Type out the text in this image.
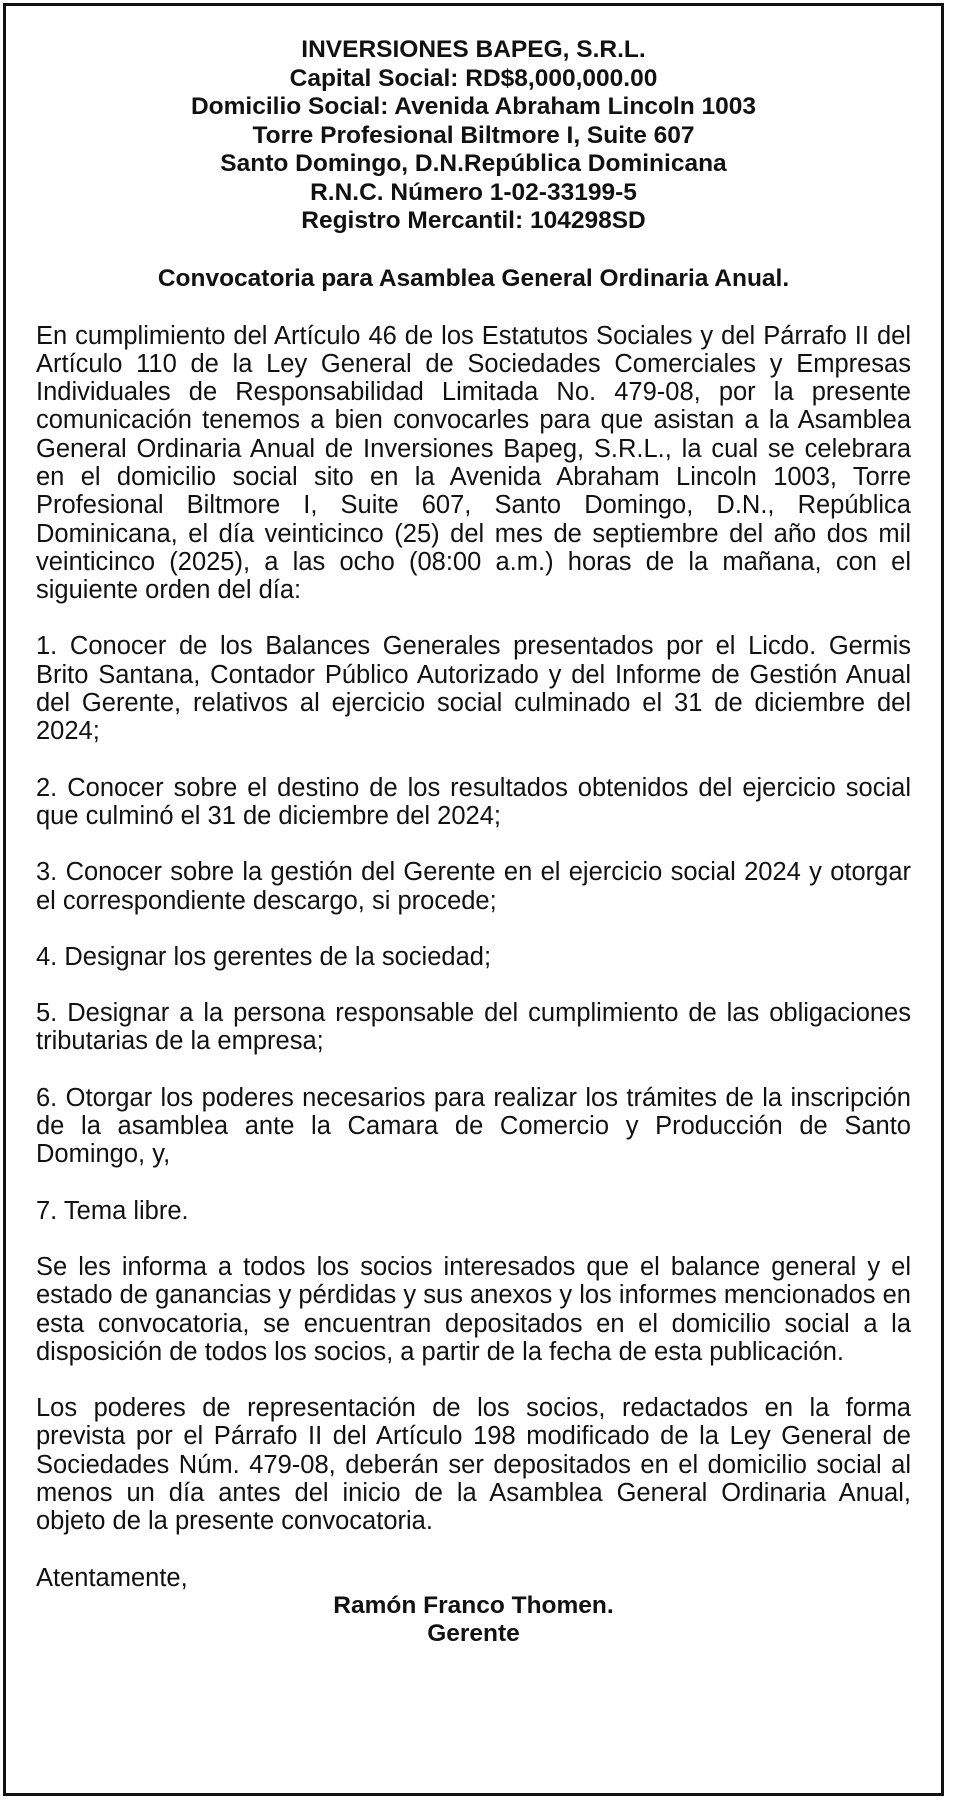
INVERSIONES BAPEG, S.R.L.
Capital Social: RD$8,000,000.00
Domicilio Social: Avenida Abraham Lincoln 1003
Torre Profesional Biltmore I, Suite 607
Santo Domingo, D.N.República Dominicana
R.N.C. Número 1-02-33199-5
Registro Mercantil: 104298SD
Convocatoria para Asamblea General Ordinaria Anual.

En cumplimiento del Artículo 46 de los Estatutos Sociales y del Párrafo II del Artículo 110 de la Ley General de Sociedades Comerciales y Empresas Individuales de Responsabilidad Limitada No. 479-08, por la presente comunicación tenemos a bien convocarles para que asistan a la Asamblea General Ordinaria Anual de Inversiones Bapeg, S.R.L., la cual se celebrara en el domicilio social sito en la Avenida Abraham Lincoln 1003, Torre Profesional Biltmore I, Suite 607, Santo Domingo, D.N., República Dominicana, el día veinticinco (25) del mes de septiembre del año dos mil veinticinco (2025), a las ocho (08:00 a.m.) horas de la mañana, con el siguiente orden del día:

1. Conocer de los Balances Generales presentados por el Licdo. Germis Brito Santana, Contador Público Autorizado y del Informe de Gestión Anual del Gerente, relativos al ejercicio social culminado el 31 de diciembre del 2024;

2. Conocer sobre el destino de los resultados obtenidos del ejercicio social que culminó el 31 de diciembre del 2024;

3. Conocer sobre la gestión del Gerente en el ejercicio social 2024 y otorgar el correspondiente descargo, si procede;

4. Designar los gerentes de la sociedad;

5. Designar a la persona responsable del cumplimiento de las obligaciones tributarias de la empresa;

6. Otorgar los poderes necesarios para realizar los trámites de la inscripción de la asamblea ante la Camara de Comercio y Producción de Santo Domingo, y,

7. Tema libre.

Se les informa a todos los socios interesados que el balance general y el estado de ganancias y pérdidas y sus anexos y los informes mencionados en esta convocatoria, se encuentran depositados en el domicilio social a la disposición de todos los socios, a partir de la fecha de esta publicación.

Los poderes de representación de los socios, redactados en la forma prevista por el Párrafo II del Artículo 198 modificado de la Ley General de Sociedades Núm. 479-08, deberán ser depositados en el domicilio social al menos un día antes del inicio de la Asamblea General Ordinaria Anual, objeto de la presente convocatoria.

Atentamente,
Ramón Franco Thomen.
Gerente
